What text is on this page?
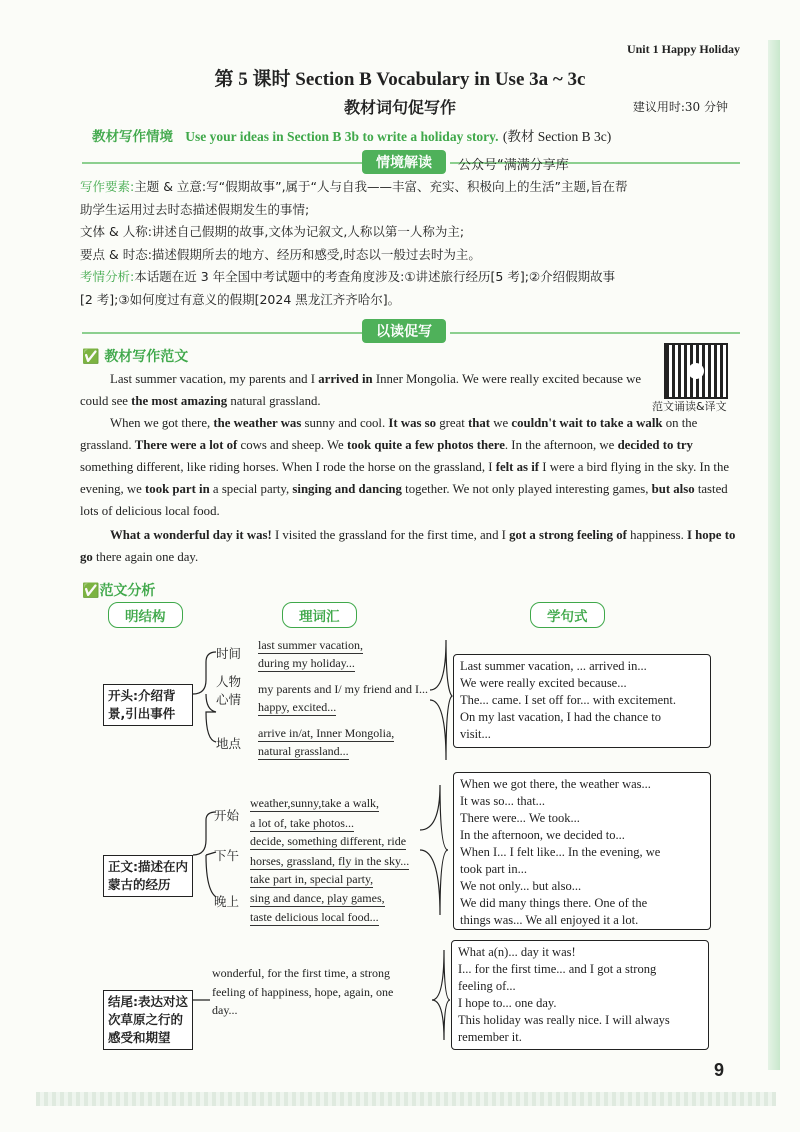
Unit 1 Happy Holiday
第 5 课时 Section B Vocabulary in Use 3a ~ 3c
教材词句促写作	建议用时:30 分钟
教材写作情境 Use your ideas in Section B 3b to write a holiday story. (教材 Section B 3c)
情境解读	公众号“满满分享库
写作要素:主题 & 立意:写“假期故事”,属于“人与自我——丰富、充实、积极向上的生活”主题,旨在帮
助学生运用过去时态描述假期发生的事情;
文体 & 人称:讲述自己假期的故事,文体为记叙文,人称以第一人称为主;
要点 & 时态:描述假期所去的地方、经历和感受,时态以一般过去时为主。
考情分析:本话题在近 3 年全国中考试题中的考查角度涉及:①讲述旅行经历[5 考];②介绍假期故事
[2 考];③如何度过有意义的假期[2024 黑龙江齐齐哈尔]。
以读促写
✅ 教材写作范文
范文诵读&译文

Last summer vacation, my parents and I arrived in Inner Mongolia. We were really excited because we could see the most amazing natural grassland.

When we got there, the weather was sunny and cool. It was so great that we couldn't wait to take a walk on the grassland. There were a lot of cows and sheep. We took quite a few photos there. In the afternoon, we decided to try something different, like riding horses. When I rode the horse on the grassland, I felt as if I were a bird flying in the sky. In the evening, we took part in a special party, singing and dancing together. We not only played interesting games, but also tasted lots of delicious local food.

What a wonderful day it was! I visited the grassland for the first time, and I got a strong feeling of happiness. I hope to go there again one day.

✅范文分析
明结构	理词汇	学句式
开头:介绍背景,引出事件
正文:描述在内蒙古的经历
结尾:表达对这次草原之行的感受和期望
时间
人物
心情
地点
开始
下午
晚上
last summer vacation,
during my holiday...
my parents and I/ my friend and I...
happy, excited...
arrive in/at, Inner Mongolia,
natural grassland...
weather,sunny,take a walk,
a lot of, take photos...
decide, something different, ride
horses, grassland, fly in the sky...
take part in, special party,
sing and dance, play games,
taste delicious local food...
wonderful, for the first time, a strong
feeling of happiness, hope, again, one
day...
Last summer vacation, ... arrived in...
We were really excited because...
The... came. I set off for... with excitement.
On my last vacation, I had the chance to
visit...
When we got there, the weather was...
It was so... that...
There were... We took...
In the afternoon, we decided to...
When I... I felt like... In the evening, we
took part in...
We not only... but also...
We did many things there. One of the
things was... We all enjoyed it a lot.
What a(n)... day it was!
I... for the first time... and I got a strong
feeling of...
I hope to... one day.
This holiday was really nice. I will always
remember it.
9
